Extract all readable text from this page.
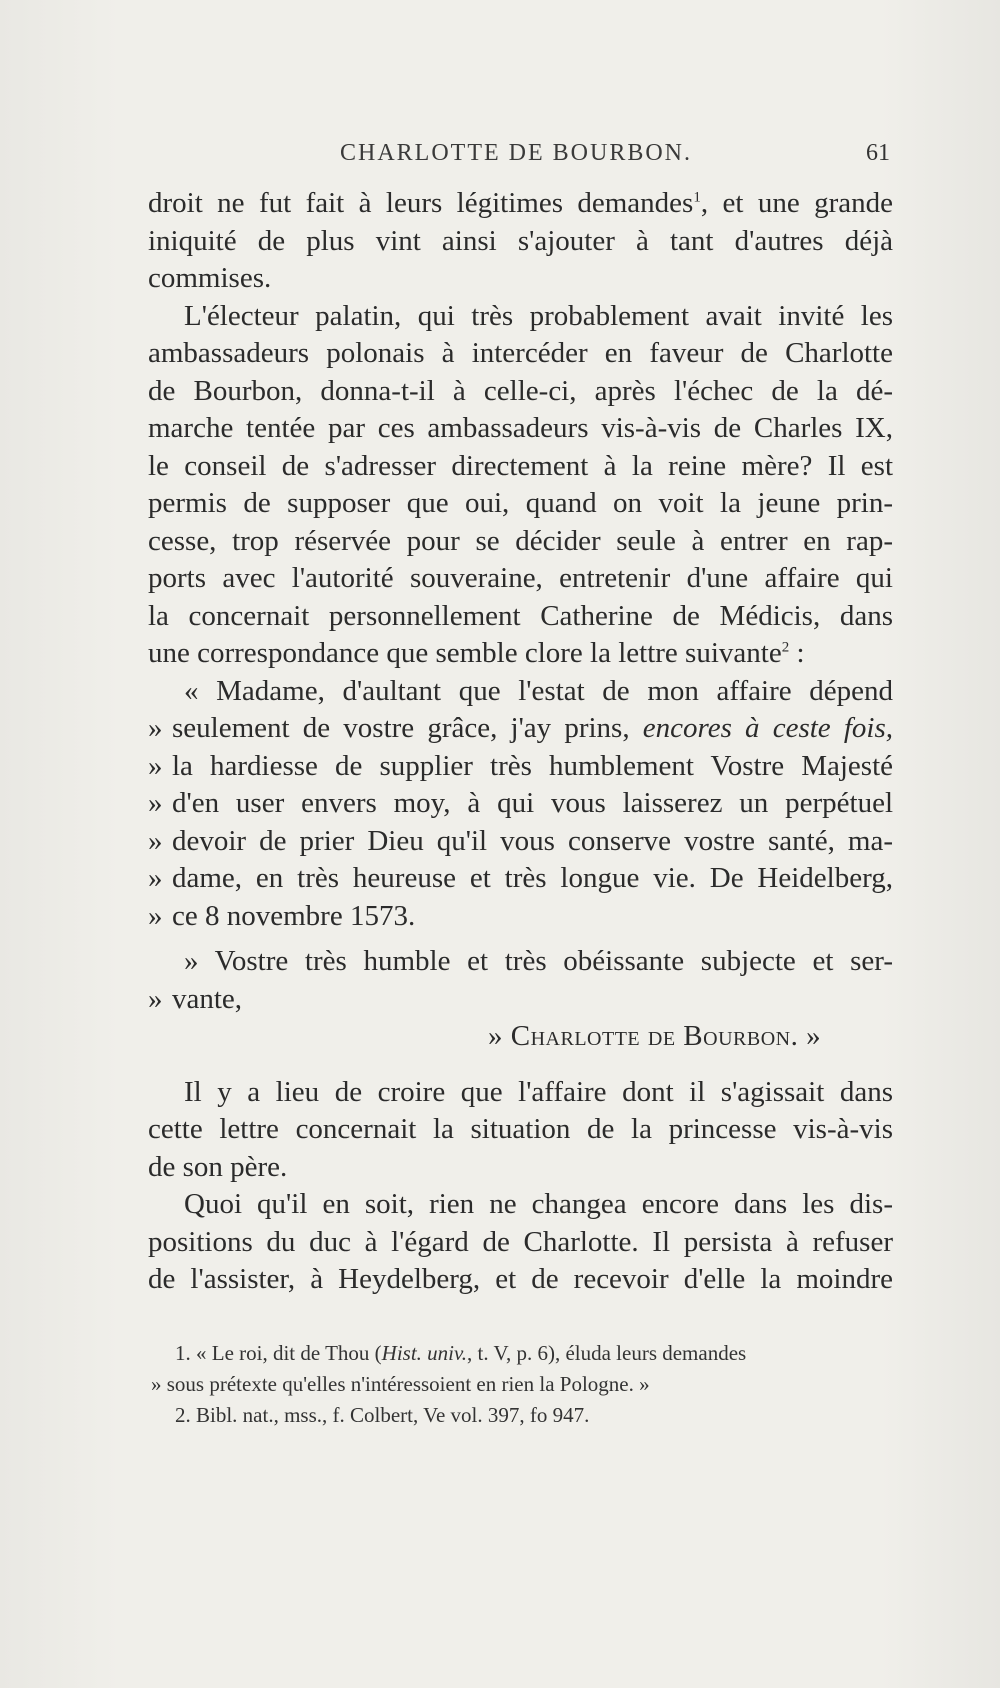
CHARLOTTE DE BOURBON.	61
droit ne fut fait à leurs légitimes demandes$^1$, et une grande
iniquité de plus vint ainsi s'ajouter à tant d'autres déjà
commises.
L'électeur palatin, qui très probablement avait invité les
ambassadeurs polonais à intercéder en faveur de Charlotte
de Bourbon, donna-t-il à celle-ci, après l'échec de la dé-
marche tentée par ces ambassadeurs vis-à-vis de Charles IX,
le conseil de s'adresser directement à la reine mère? Il est
permis de supposer que oui, quand on voit la jeune prin-
cesse, trop réservée pour se décider seule à entrer en rap-
ports avec l'autorité souveraine, entretenir d'une affaire qui
la concernait personnellement Catherine de Médicis, dans
une correspondance que semble clore la lettre suivante$^2$ :
« Madame, d'aultant que l'estat de mon affaire dépend
» seulement de vostre grâce, j'ay prins, encores à ceste fois,
» la hardiesse de supplier très humblement Vostre Majesté
» d'en user envers moy, à qui vous laisserez un perpétuel
» devoir de prier Dieu qu'il vous conserve vostre santé, ma-
» dame, en très heureuse et très longue vie. De Heidelberg,
» ce 8 novembre 1573.
» Vostre très humble et très obéissante subjecte et ser-
» vante,
» Charlotte de Bourbon. »
Il y a lieu de croire que l'affaire dont il s'agissait dans
cette lettre concernait la situation de la princesse vis-à-vis
de son père.
Quoi qu'il en soit, rien ne changea encore dans les dis-
positions du duc à l'égard de Charlotte. Il persista à refuser
de l'assister, à Heydelberg, et de recevoir d'elle la moindre
1. « Le roi, dit de Thou (Hist. univ., t. V, p. 6), éluda leurs demandes
» sous prétexte qu'elles n'intéressoient en rien la Pologne. »
2. Bibl. nat., mss., f. Colbert, Ve vol. 397, fo 947.
